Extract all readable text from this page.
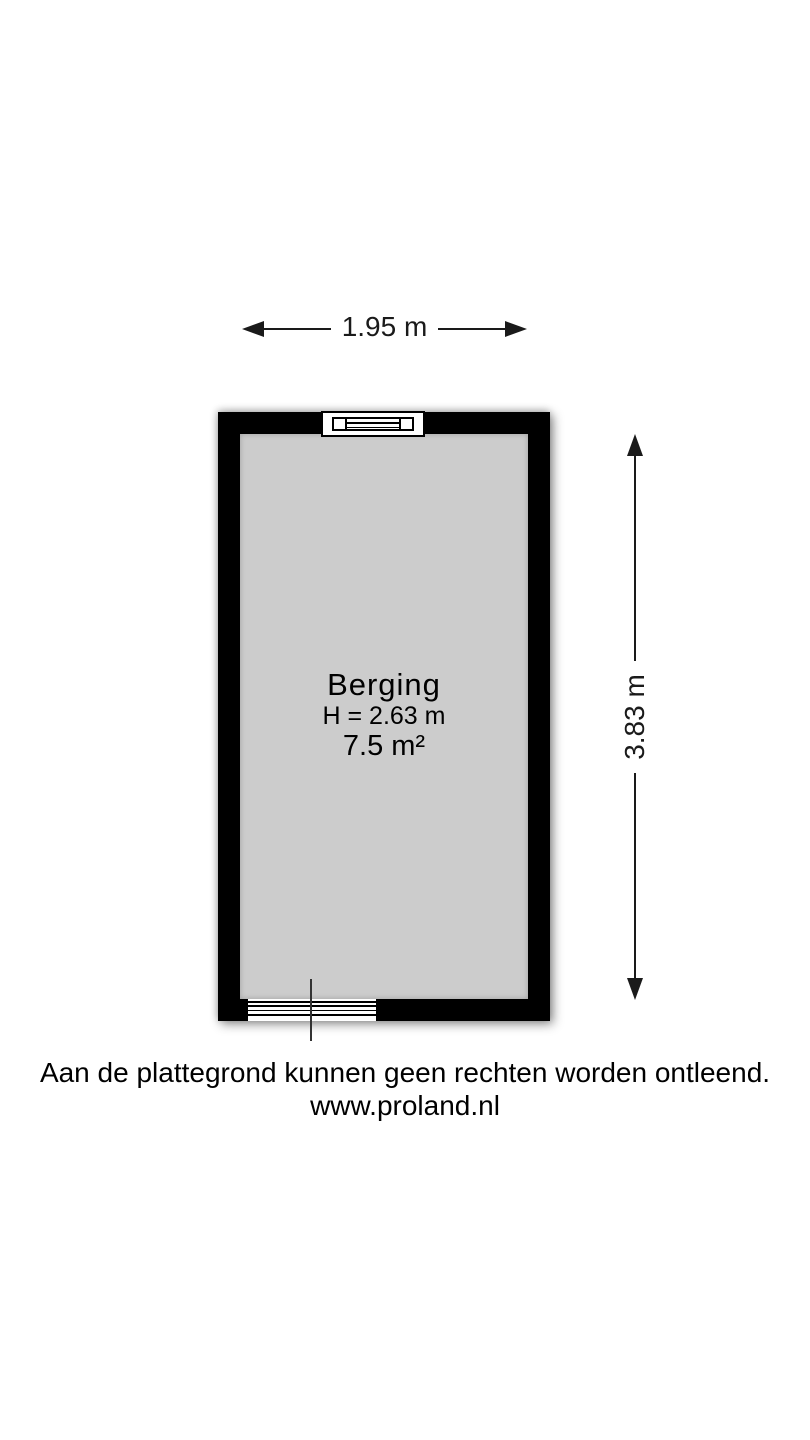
1.95 m
Berging
H = 2.63 m
7.5 m²	3.83 m
Aan de plattegrond kunnen geen rechten worden ontleend.
www.proland.nl
